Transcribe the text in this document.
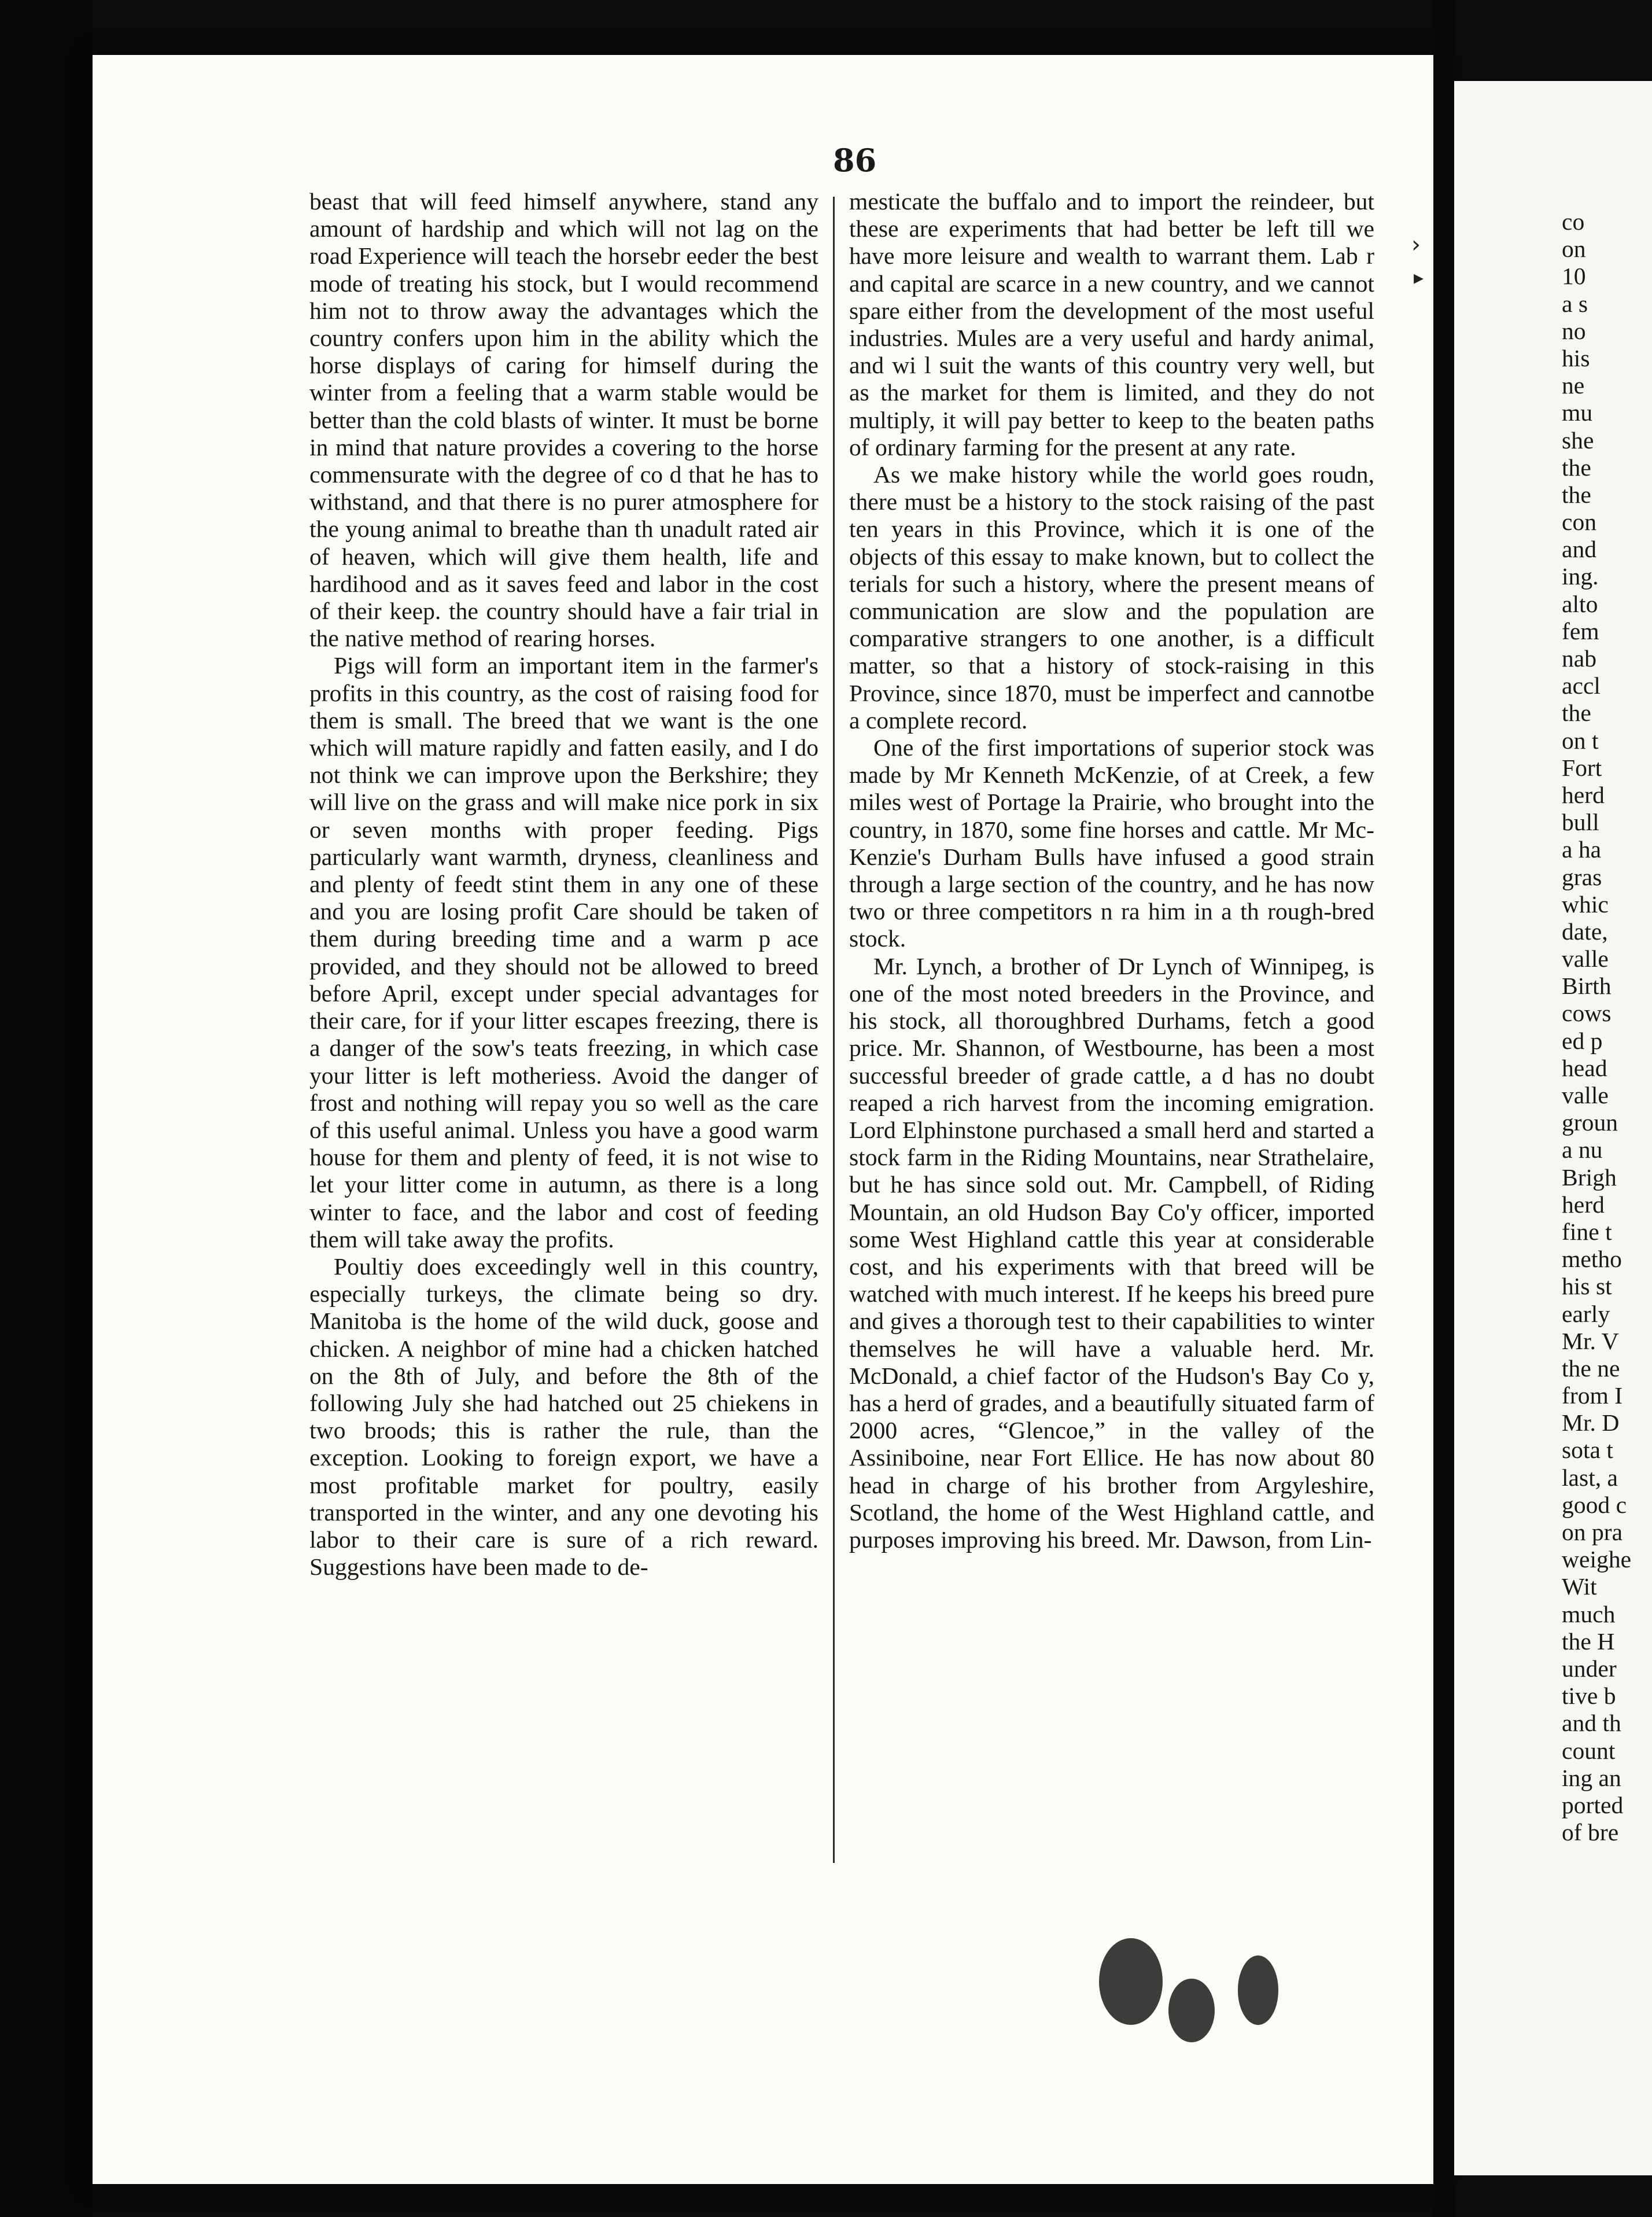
86

beast that will feed himself anywhere, stand any amount of hardship and which will not lag on the road Experience will teach the horsebr eeder the best mode of treating his stock, but I would recommend him not to throw away the advantages which the country confers upon him in the ability which the horse displays of caring for himself during the winter from a feeling that a warm stable would be better than the cold blasts of winter. It must be borne in mind that nature provides a covering to the horse commensurate with the degree of co d that he has to withstand, and that there is no purer atmosphere for the young animal to breathe than th unadult rated air of heaven, which will give them health, life and hardihood and as it saves feed and labor in the cost of their keep. the country should have a fair trial in the native method of rearing horses.

Pigs will form an important item in the farmer's profits in this country, as the cost of raising food for them is small. The breed that we want is the one which will mature rapidly and fatten easily, and I do not think we can improve upon the Berkshire; they will live on the grass and will make nice pork in six or seven months with proper feeding. Pigs particularly want warmth, dryness, cleanliness and and plenty of feedt stint them in any one of these and you are losing profit Care should be taken of them during breeding time and a warm p ace provided, and they should not be allowed to breed before April, except under special advantages for their care, for if your litter escapes freezing, there is a danger of the sow's teats freezing, in which case your litter is left motheriess. Avoid the danger of frost and nothing will repay you so well as the care of this useful animal. Unless you have a good warm house for them and plenty of feed, it is not wise to let your litter come in autumn, as there is a long winter to face, and the labor and cost of feeding them will take away the profits.

Poultiy does exceedingly well in this country, especially turkeys, the climate being so dry. Manitoba is the home of the wild duck, goose and chicken. A neighbor of mine had a chicken hatched on the 8th of July, and before the 8th of the following July she had hatched out 25 chiekens in two broods; this is rather the rule, than the exception. Looking to foreign export, we have a most profitable market for poultry, easily transported in the winter, and any one devoting his labor to their care is sure of a rich reward. Suggestions have been made to de-

mesticate the buffalo and to import the reindeer, but these are experiments that had better be left till we have more leisure and wealth to warrant them. Lab r and capital are scarce in a new country, and we cannot spare either from the development of the most useful industries. Mules are a very useful and hardy animal, and wi l suit the wants of this country very well, but as the market for them is limited, and they do not multiply, it will pay better to keep to the beaten paths of ordinary farming for the present at any rate.

As we make history while the world goes roudn, there must be a history to the stock raising of the past ten years in this Province, which it is one of the objects of this essay to make known, but to collect the terials for such a history, where the present means of communication are slow and the population are comparative strangers to one another, is a difficult matter, so that a history of stock-raising in this Province, since 1870, must be imperfect and cannotbe a complete record.

One of the first importations of superior stock was made by Mr Kenneth McKenzie, of at Creek, a few miles west of Portage la Prairie, who brought into the country, in 1870, some fine horses and cattle. Mr Mc-Kenzie's Durham Bulls have infused a good strain through a large section of the country, and he has now two or three competitors n ra him in a th rough-bred stock.

Mr. Lynch, a brother of Dr Lynch of Winnipeg, is one of the most noted breeders in the Province, and his stock, all thoroughbred Durhams, fetch a good price. Mr. Shannon, of Westbourne, has been a most successful breeder of grade cattle, a d has no doubt reaped a rich harvest from the incoming emigration. Lord Elphinstone purchased a small herd and started a stock farm in the Riding Mountains, near Strathelaire, but he has since sold out. Mr. Campbell, of Riding Mountain, an old Hudson Bay Co'y officer, imported some West Highland cattle this year at considerable cost, and his experiments with that breed will be watched with much interest. If he keeps his breed pure and gives a thorough test to their capabilities to winter themselves he will have a valuable herd. Mr. McDonald, a chief factor of the Hudson's Bay Co y, has a herd of grades, and a beautifully situated farm of 2000 acres, “Glencoe,” in the valley of the Assiniboine, near Fort Ellice. He has now about 80 head in charge of his brother from Argyleshire, Scotland, the home of the West Highland cattle, and purposes improving his breed. Mr. Dawson, from Lin-

co
on
10
a s
no
his
ne
mu
she
the
the
con
and
ing.
alto
fem
nab
accl
the
on t
Fort
herd
bull
a ha
gras
whic
date,
valle
Birth
cows
ed p
head
valle
groun
a nu
Brigh
herd
fine t
metho
his st
early
Mr. V
the ne
from I
Mr. D
sota t
last, a
good c
on pra
weighe
Wit
much
the H
under
tive b
and th
count
ing an
ported
of bre
›
▸
